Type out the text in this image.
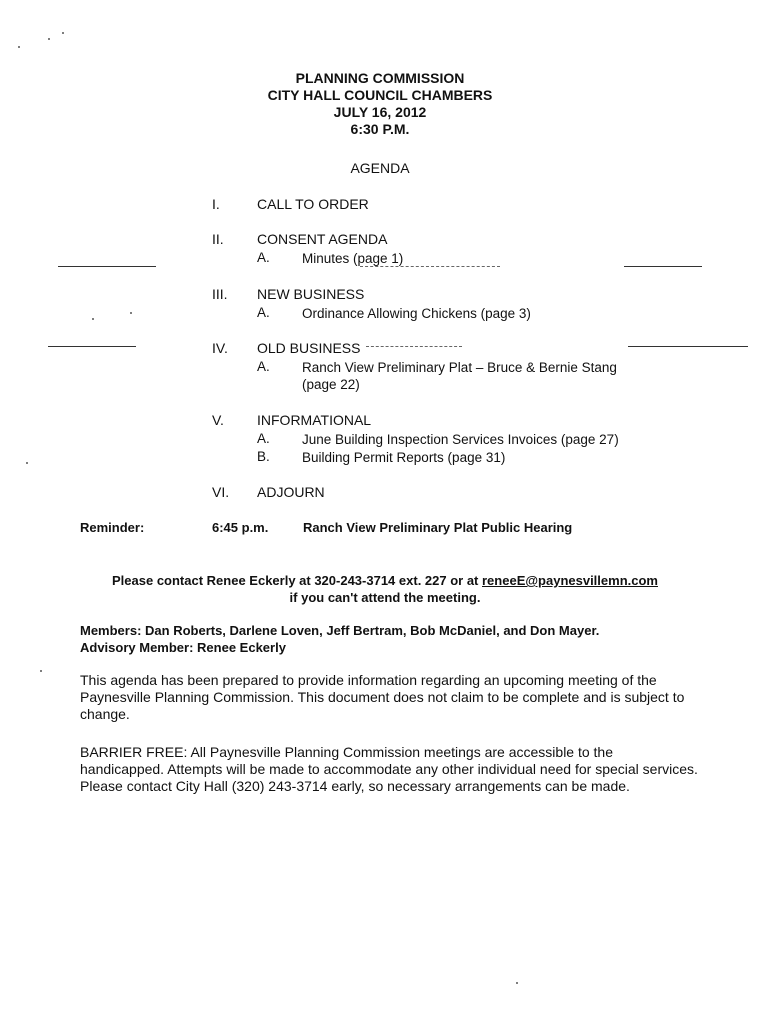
PLANNING COMMISSION
CITY HALL COUNCIL CHAMBERS
JULY 16, 2012
6:30 P.M.
AGENDA
I.	CALL TO ORDER
II. CONSENT AGENDA
A. Minutes (page 1)
III. NEW BUSINESS
A. Ordinance Allowing Chickens (page 3)
IV. OLD BUSINESS
A. Ranch View Preliminary Plat – Bruce & Bernie Stang
(page 22)
V. INFORMATIONAL
A. June Building Inspection Services Invoices (page 27)
B. Building Permit Reports (page 31)
VI. ADJOURN
Reminder:	6:45 p.m.	Ranch View Preliminary Plat Public Hearing
Please contact Renee Eckerly at 320-243-3714 ext. 227 or at reneeE@paynesvillemn.com
if you can't attend the meeting.
Members: Dan Roberts, Darlene Loven, Jeff Bertram, Bob McDaniel, and Don Mayer.
Advisory Member: Renee Eckerly
This agenda has been prepared to provide information regarding an upcoming meeting of the Paynesville Planning Commission. This document does not claim to be complete and is subject to change.
BARRIER FREE: All Paynesville Planning Commission meetings are accessible to the handicapped. Attempts will be made to accommodate any other individual need for special services. Please contact City Hall (320) 243-3714 early, so necessary arrangements can be made.
